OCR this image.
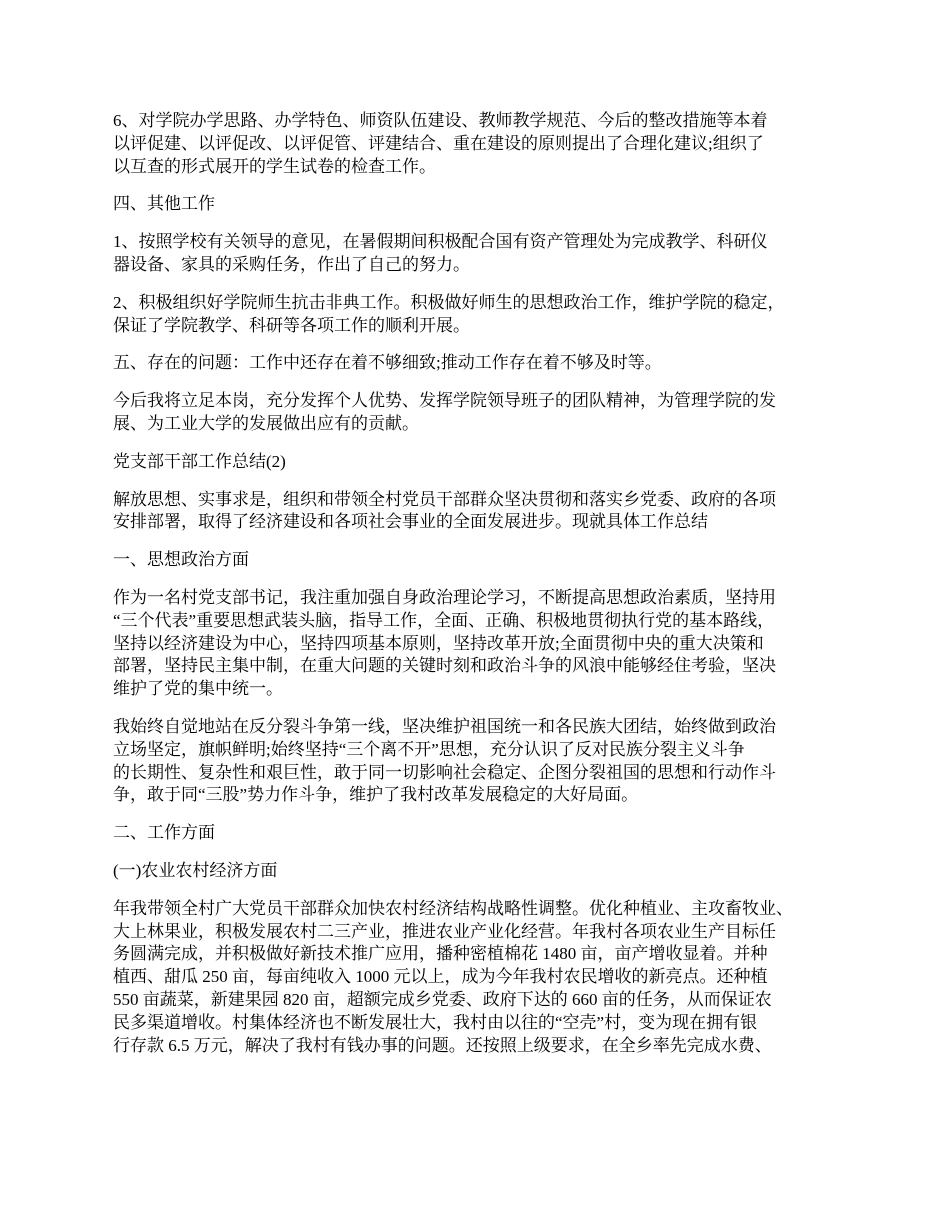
6、对学院办学思路、办学特色、师资队伍建设、教师教学规范、今后的整改措施等本着
以评促建、以评促改、以评促管、评建结合、重在建设的原则提出了合理化建议;组织了
以互查的形式展开的学生试卷的检查工作。
四、其他工作
1、按照学校有关领导的意见，在暑假期间积极配合国有资产管理处为完成教学、科研仪
器设备、家具的采购任务，作出了自己的努力。
2、积极组织好学院师生抗击非典工作。积极做好师生的思想政治工作，维护学院的稳定，
保证了学院教学、科研等各项工作的顺利开展。
五、存在的问题：工作中还存在着不够细致;推动工作存在着不够及时等。
今后我将立足本岗，充分发挥个人优势、发挥学院领导班子的团队精神，为管理学院的发
展、为工业大学的发展做出应有的贡献。
党支部干部工作总结(2)
解放思想、实事求是，组织和带领全村党员干部群众坚决贯彻和落实乡党委、政府的各项
安排部署，取得了经济建设和各项社会事业的全面发展进步。现就具体工作总结
一、思想政治方面
作为一名村党支部书记，我注重加强自身政治理论学习，不断提高思想政治素质，坚持用
“三个代表”重要思想武装头脑，指导工作，全面、正确、积极地贯彻执行党的基本路线，
坚持以经济建设为中心，坚持四项基本原则，坚持改革开放;全面贯彻中央的重大决策和
部署，坚持民主集中制，在重大问题的关键时刻和政治斗争的风浪中能够经住考验，坚决
维护了党的集中统一。
我始终自觉地站在反分裂斗争第一线，坚决维护祖国统一和各民族大团结，始终做到政治
立场坚定，旗帜鲜明;始终坚持“三个离不开”思想，充分认识了反对民族分裂主义斗争
的长期性、复杂性和艰巨性，敢于同一切影响社会稳定、企图分裂祖国的思想和行动作斗
争，敢于同“三股”势力作斗争，维护了我村改革发展稳定的大好局面。
二、工作方面
(一)农业农村经济方面
年我带领全村广大党员干部群众加快农村经济结构战略性调整。优化种植业、主攻畜牧业、
大上林果业，积极发展农村二三产业，推进农业产业化经营。年我村各项农业生产目标任
务圆满完成，并积极做好新技术推广应用，播种密植棉花 1480 亩，亩产增收显着。并种
植西、甜瓜 250 亩，每亩纯收入 1000 元以上，成为今年我村农民增收的新亮点。还种植
550 亩蔬菜，新建果园 820 亩，超额完成乡党委、政府下达的 660 亩的任务，从而保证农
民多渠道增收。村集体经济也不断发展壮大，我村由以往的“空壳”村，变为现在拥有银
行存款 6.5 万元，解决了我村有钱办事的问题。还按照上级要求，在全乡率先完成水费、
